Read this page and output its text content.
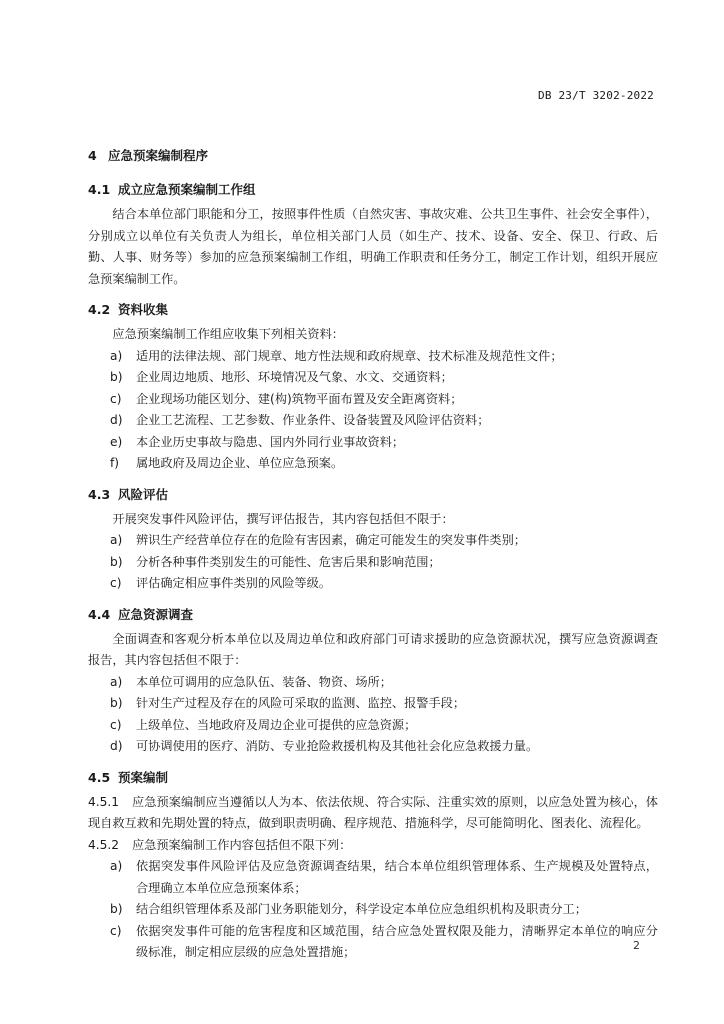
DB 23/T 3202-2022

4 应急预案编制程序

4.1 成立应急预案编制工作组

结合本单位部门职能和分工，按照事件性质（自然灾害、事故灾难、公共卫生事件、社会安全事件），分别成立以单位有关负责人为组长，单位相关部门人员（如生产、技术、设备、安全、保卫、行政、后勤、人事、财务等）参加的应急预案编制工作组，明确工作职责和任务分工，制定工作计划，组织开展应急预案编制工作。

4.2 资料收集

应急预案编制工作组应收集下列相关资料：

a) 适用的法律法规、部门规章、地方性法规和政府规章、技术标准及规范性文件；
b) 企业周边地质、地形、环境情况及气象、水文、交通资料；
c) 企业现场功能区划分、建(构)筑物平面布置及安全距离资料；
d) 企业工艺流程、工艺参数、作业条件、设备装置及风险评估资料；
e) 本企业历史事故与隐患、国内外同行业事故资料；
f) 属地政府及周边企业、单位应急预案。

4.3 风险评估

开展突发事件风险评估，撰写评估报告，其内容包括但不限于：

a) 辨识生产经营单位存在的危险有害因素，确定可能发生的突发事件类别；
b) 分析各种事件类别发生的可能性、危害后果和影响范围；
c) 评估确定相应事件类别的风险等级。

4.4 应急资源调查

全面调查和客观分析本单位以及周边单位和政府部门可请求援助的应急资源状况，撰写应急资源调查报告，其内容包括但不限于：

a) 本单位可调用的应急队伍、装备、物资、场所；
b) 针对生产过程及存在的风险可采取的监测、监控、报警手段；
c) 上级单位、当地政府及周边企业可提供的应急资源；
d) 可协调使用的医疗、消防、专业抢险救援机构及其他社会化应急救援力量。

4.5 预案编制

4.5.1 应急预案编制应当遵循以人为本、依法依规、符合实际、注重实效的原则，以应急处置为核心，体现自救互救和先期处置的特点，做到职责明确、程序规范、措施科学，尽可能简明化、图表化、流程化。

4.5.2 应急预案编制工作内容包括但不限下列：

a) 依据突发事件风险评估及应急资源调查结果，结合本单位组织管理体系、生产规模及处置特点，合理确立本单位应急预案体系；
b) 结合组织管理体系及部门业务职能划分，科学设定本单位应急组织机构及职责分工；
c) 依据突发事件可能的危害程度和区域范围，结合应急处置权限及能力，清晰界定本单位的响应分级标准，制定相应层级的应急处置措施；	2
